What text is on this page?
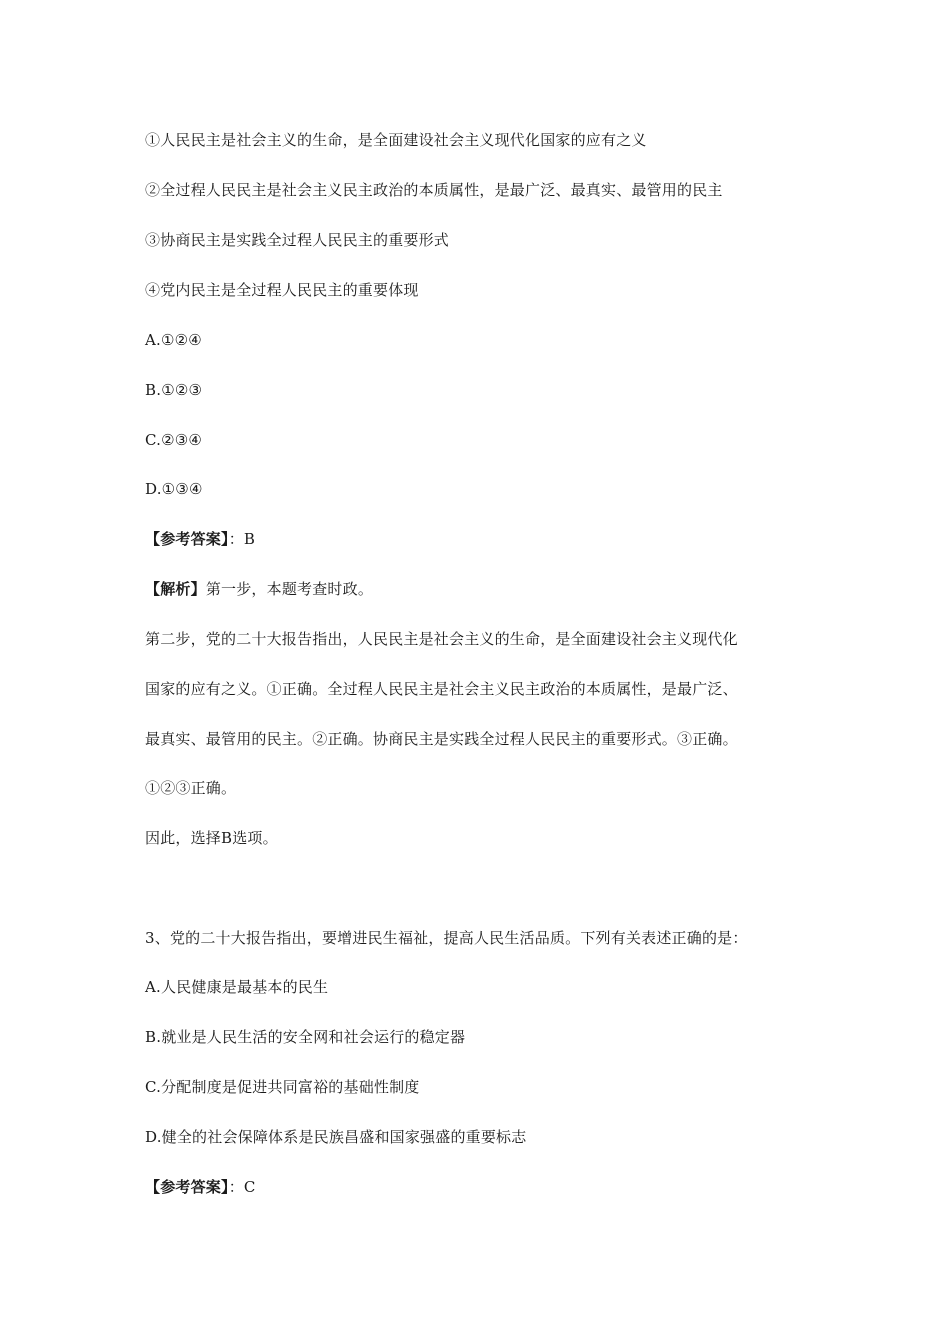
①人民民主是社会主义的生命，是全面建设社会主义现代化国家的应有之义
②全过程人民民主是社会主义民主政治的本质属性，是最广泛、最真实、最管用的民主
③协商民主是实践全过程人民民主的重要形式
④党内民主是全过程人民民主的重要体现
A.①②④
B.①②③
C.②③④
D.①③④
【参考答案】：B
【解析】第一步，本题考查时政。
第二步，党的二十大报告指出，人民民主是社会主义的生命，是全面建设社会主义现代化
国家的应有之义。①正确。全过程人民民主是社会主义民主政治的本质属性，是最广泛、
最真实、最管用的民主。②正确。协商民主是实践全过程人民民主的重要形式。③正确。
①②③正确。
因此，选择B选项。
3、党的二十大报告指出，要增进民生福祉，提高人民生活品质。下列有关表述正确的是：
A.人民健康是最基本的民生
B.就业是人民生活的安全网和社会运行的稳定器
C.分配制度是促进共同富裕的基础性制度
D.健全的社会保障体系是民族昌盛和国家强盛的重要标志
【参考答案】：C
